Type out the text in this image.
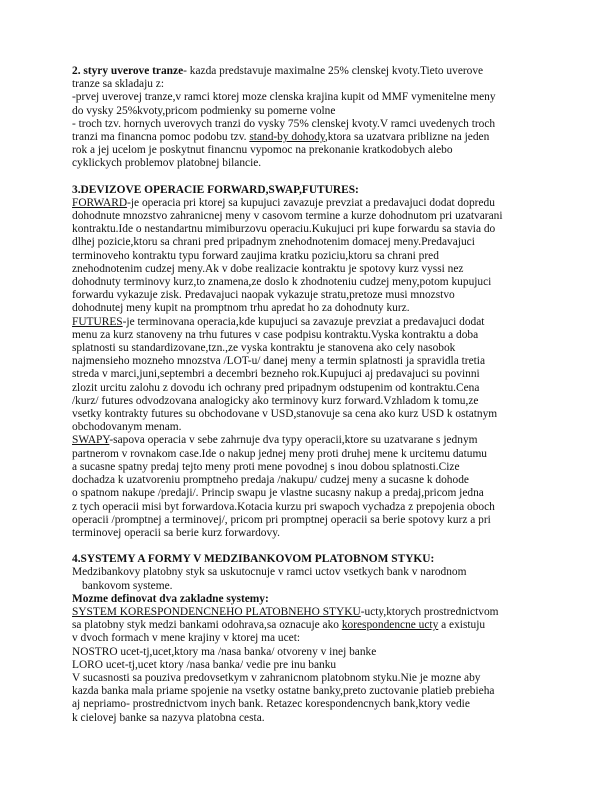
2. styry uverove tranze- kazda predstavuje maximalne 25% clenskej kvoty.Tieto uverove
tranze sa skladaju z:
-prvej uverovej tranze,v ramci ktorej moze clenska krajina kupit od MMF vymenitelne meny
do vysky 25%kvoty,pricom podmienky su pomerne volne
- troch tzv. hornych uverovych tranzi do vysky 75% clenskej kvoty.V ramci uvedenych troch
tranzi ma financna pomoc podobu tzv. stand-by dohody,ktora sa uzatvara priblizne na jeden
rok a jej ucelom je poskytnut financnu vypomoc na prekonanie kratkodobych alebo
cyklickych problemov platobnej bilancie.
3.DEVIZOVE OPERACIE FORWARD,SWAP,FUTURES:
FORWARD-je operacia pri ktorej sa kupujuci zavazuje prevziat a predavajuci dodat dopredu
dohodnute mnozstvo zahranicnej meny v casovom termine a kurze dohodnutom pri uzatvarani
kontraktu.Ide o nestandartnu mimiburzovu operaciu.Kukujuci pri kupe forwardu sa stavia do
dlhej pozicie,ktoru sa chrani pred pripadnym znehodnotenim domacej meny.Predavajuci
terminoveho kontraktu typu forward zaujima kratku poziciu,ktoru sa chrani pred
znehodnotenim cudzej meny.Ak v dobe realizacie kontraktu je spotovy kurz vyssi nez
dohodnuty terminovy kurz,to znamena,ze doslo k zhodnoteniu cudzej meny,potom kupujuci
forwardu vykazuje zisk. Predavajuci naopak vykazuje stratu,pretoze musi mnozstvo
dohodnutej meny kupit na promptnom trhu apredat ho za dohodnuty kurz.
FUTURES-je terminovana operacia,kde kupujuci sa zavazuje prevziat a predavajuci dodat
menu za kurz stanoveny na trhu futures v case podpisu kontraktu.Vyska kontraktu a doba
splatnosti su standardizovane,tzn.,ze vyska kontraktu je stanovena ako cely nasobok
najmensieho mozneho mnozstva /LOT-u/ danej meny a termin splatnosti ja spravidla tretia
streda v marci,juni,septembri a decembri bezneho rok.Kupujuci aj predavajuci su povinni
zlozit urcitu zalohu z dovodu ich ochrany pred pripadnym odstupenim od kontraktu.Cena
/kurz/ futures odvodzovana analogicky ako terminovy kurz forward.Vzhladom k tomu,ze
vsetky kontrakty futures su obchodovane v USD,stanovuje sa cena ako kurz USD k ostatnym
obchodovanym menam.
SWAPY-sapova operacia v sebe zahrnuje dva typy operacii,ktore su uzatvarane s jednym
partnerom v rovnakom case.Ide o nakup jednej meny proti druhej mene k urcitemu datumu
a sucasne spatny predaj tejto meny proti mene povodnej s inou dobou splatnosti.Cize
dochadza k uzatvoreniu promptneho predaja /nakupu/ cudzej meny a sucasne k dohode
o spatnom nakupe /predaji/. Princip swapu je vlastne sucasny nakup a predaj,pricom jedna
z tych operacii misi byt forwardova.Kotacia kurzu pri swapoch vychadza z prepojenia oboch
operacii /promptnej a terminovej/, pricom pri promptnej operacii sa berie spotovy kurz a pri
terminovej operacii sa berie kurz forwardovy.
4.SYSTEMY A FORMY V MEDZIBANKOVOM PLATOBNOM STYKU:
Medzibankovy platobny styk sa uskutocnuje v ramci uctov vsetkych bank v narodnom
bankovom systeme.
Mozme definovat dva zakladne systemy:
SYSTEM KORESPONDENCNEHO PLATOBNEHO STYKU-ucty,ktorych prostrednictvom
sa platobny styk medzi bankami odohrava,sa oznacuje ako korespondencne ucty a existuju
v dvoch formach v mene krajiny v ktorej ma ucet:
NOSTRO ucet-tj,ucet,ktory ma /nasa banka/ otvoreny v inej banke
LORO ucet-tj,ucet ktory /nasa banka/ vedie pre inu banku
V sucasnosti sa pouziva predovsetkym v zahranicnom platobnom styku.Nie je mozne aby
kazda banka mala priame spojenie na vsetky ostatne banky,preto zuctovanie platieb prebieha
aj nepriamo- prostrednictvom inych bank. Retazec korespondencnych bank,ktory vedie
k cielovej banke sa nazyva platobna cesta.
